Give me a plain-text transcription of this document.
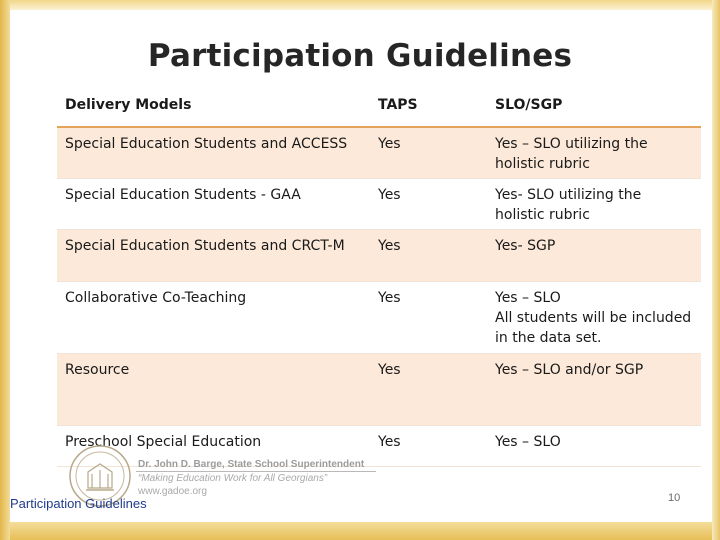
Participation Guidelines
Delivery Models	TAPS	SLO/SGP
Special Education Students and ACCESS	Yes	Yes – SLO utilizing the
holistic rubric
Special Education Students - GAA	Yes	Yes- SLO utilizing the
holistic rubric
Special Education Students and CRCT-M	Yes	Yes- SGP
Collaborative Co-Teaching	Yes	Yes – SLO
All students will be included
in the data set.
Resource	Yes	Yes – SLO and/or SGP
Preschool Special Education	Yes	Yes – SLO
Dr. John D. Barge, State School Superintendent
“Making Education Work for All Georgians”
www.gadoe.org
Participation Guidelines	10
